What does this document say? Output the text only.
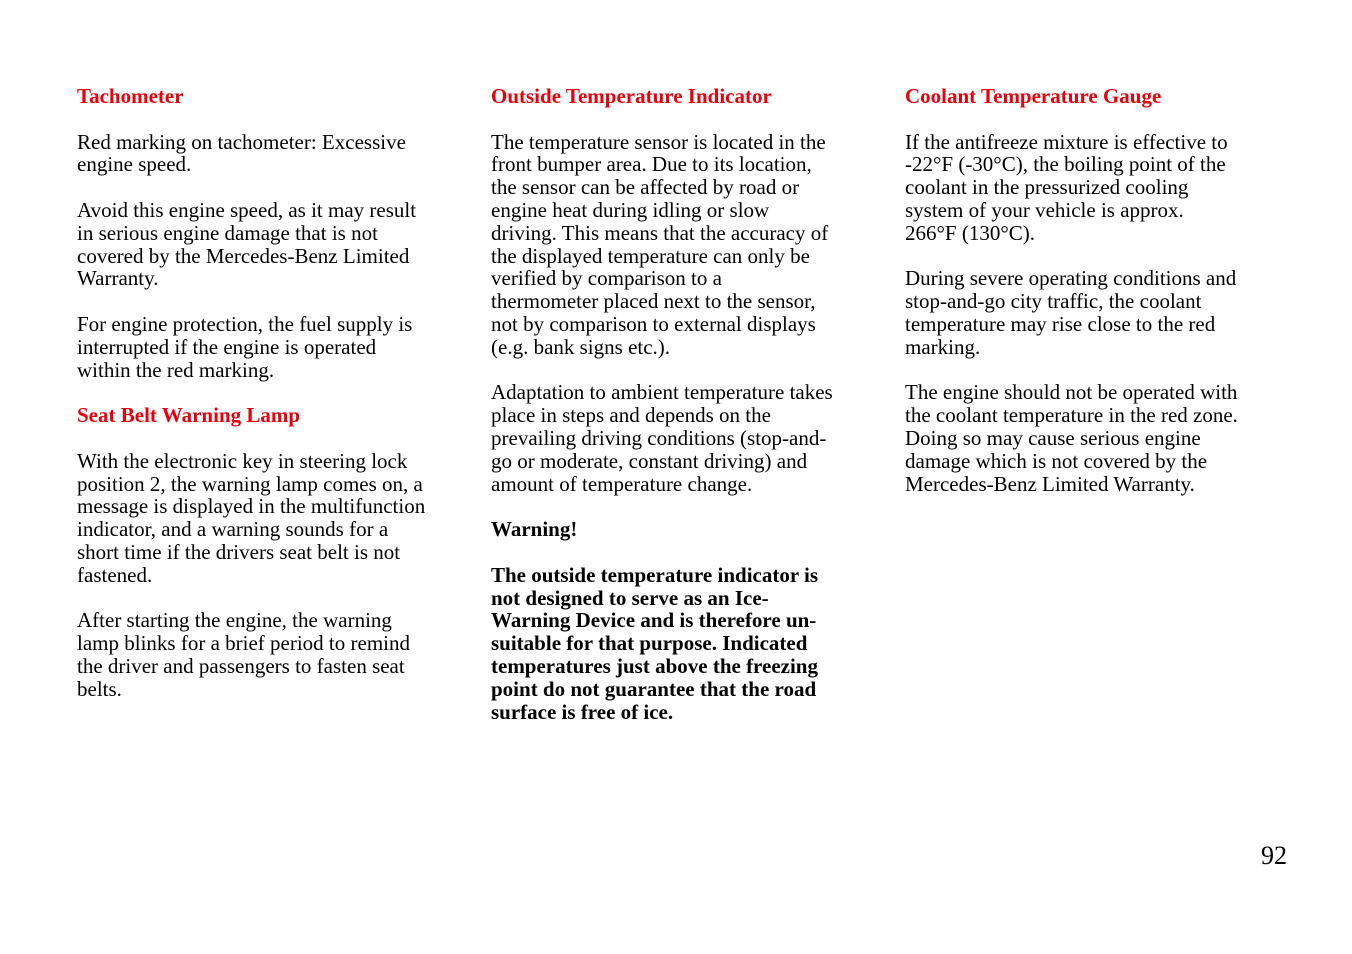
Tachometer
Red marking on tachometer: Excessive
engine speed.
Avoid this engine speed, as it may result
in serious engine damage that is not
covered by the Mercedes-Benz Limited
Warranty.
For engine protection, the fuel supply is
interrupted if the engine is operated
within the red marking.
Seat Belt Warning Lamp
With the electronic key in steering lock
position 2, the warning lamp comes on, a
message is displayed in the multifunction
indicator, and a warning sounds for a
short time if the drivers seat belt is not
fastened.
After starting the engine, the warning
lamp blinks for a brief period to remind
the driver and passengers to fasten seat
belts.
Outside Temperature Indicator
The temperature sensor is located in the
front bumper area. Due to its location,
the sensor can be affected by road or
engine heat during idling or slow
driving. This means that the accuracy of
the displayed temperature can only be
verified by comparison to a
thermometer placed next to the sensor,
not by comparison to external displays
(e.g. bank signs etc.).
Adaptation to ambient temperature takes
place in steps and depends on the
prevailing driving conditions (stop-and-
go or moderate, constant driving) and
amount of temperature change.
Warning!
The outside temperature indicator is
not designed to serve as an Ice-
Warning Device and is therefore un-
suitable for that purpose. Indicated
temperatures just above the freezing
point do not guarantee that the road
surface is free of ice.
Coolant Temperature Gauge
If the antifreeze mixture is effective to
-22°F (-30°C), the boiling point of the
coolant in the pressurized cooling
system of your vehicle is approx.
266°F (130°C).
During severe operating conditions and
stop-and-go city traffic, the coolant
temperature may rise close to the red
marking.
The engine should not be operated with
the coolant temperature in the red zone.
Doing so may cause serious engine
damage which is not covered by the
Mercedes-Benz Limited Warranty.
92
